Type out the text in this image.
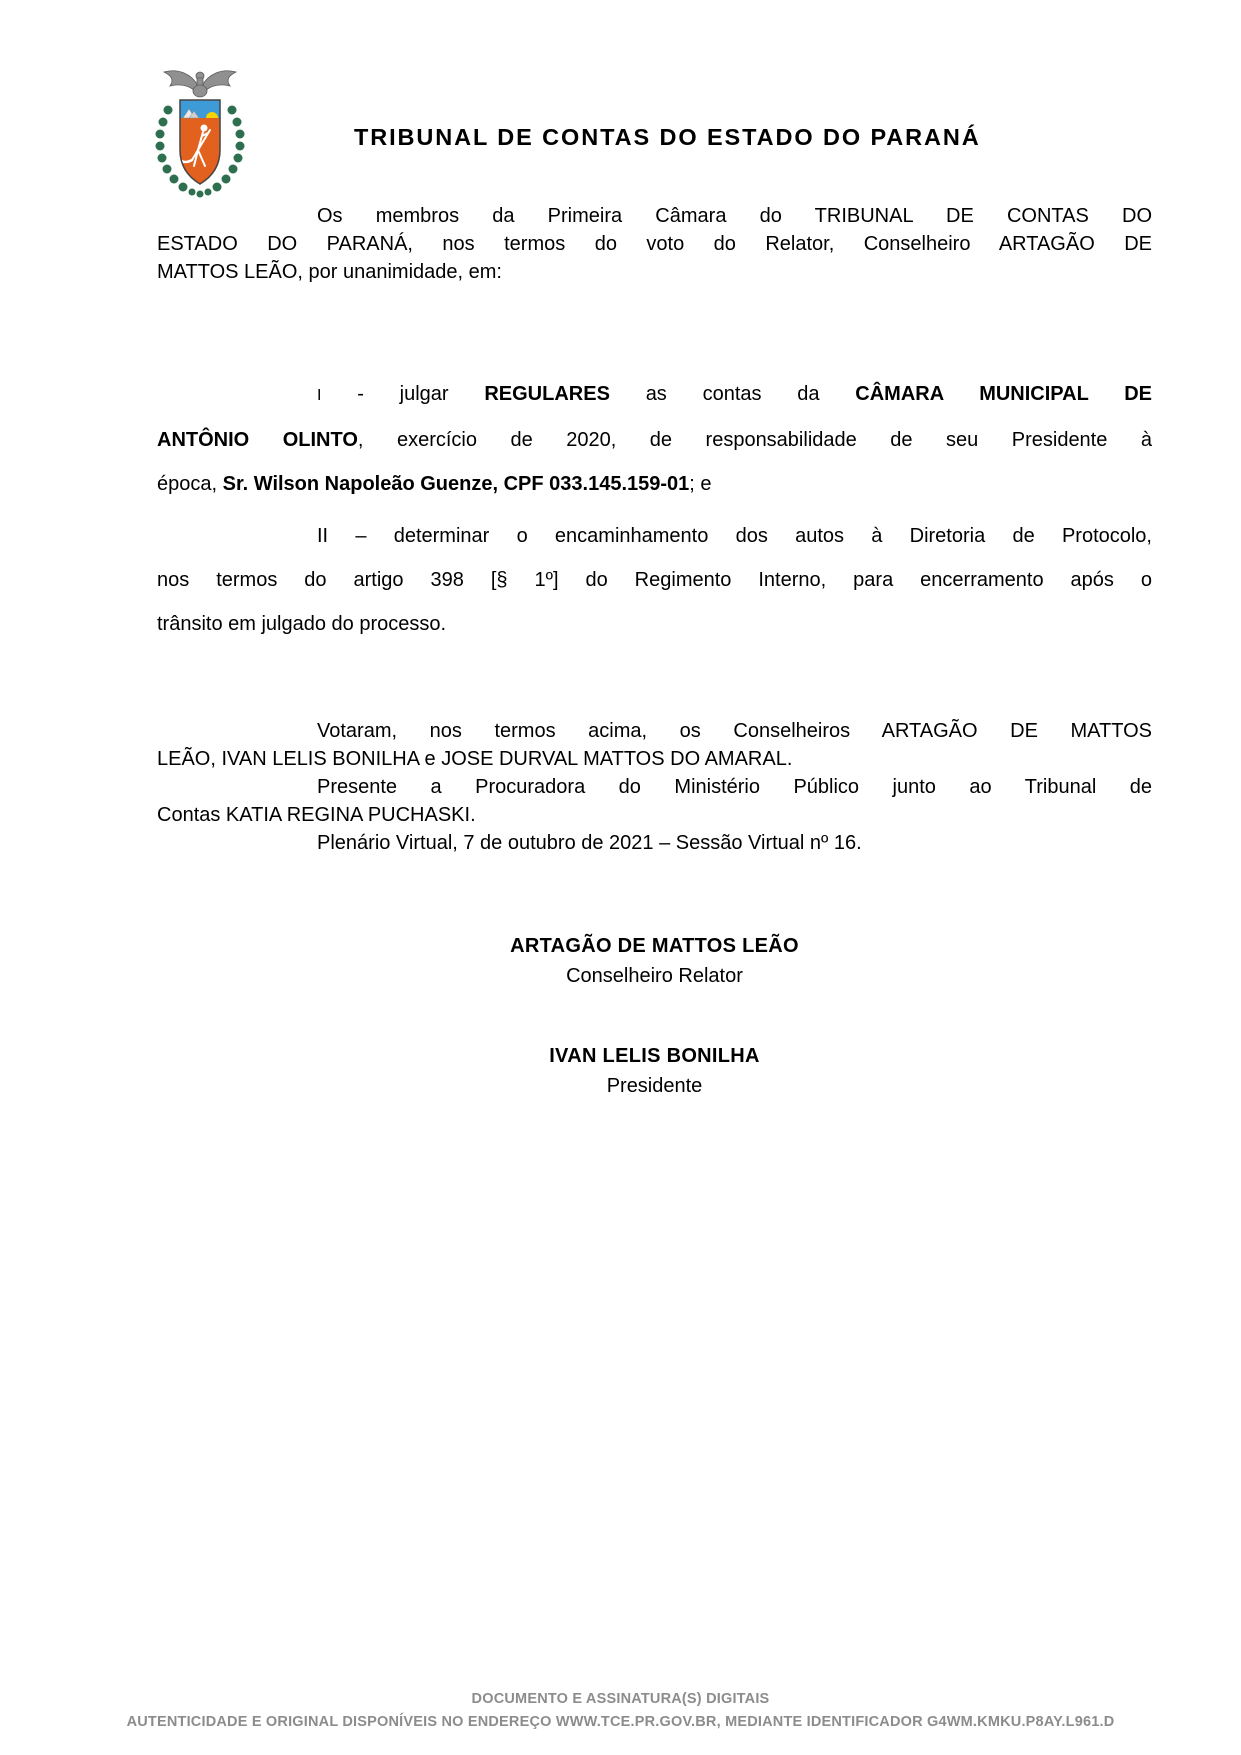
TRIBUNAL DE CONTAS DO ESTADO DO PARANÁ
Os membros da Primeira Câmara do TRIBUNAL DE CONTAS DO
ESTADO DO PARANÁ, nos termos do voto do Relator, Conselheiro ARTAGÃO DE
MATTOS LEÃO, por unanimidade, em:
I - julgar REGULARES as contas da CÂMARA MUNICIPAL DE
ANTÔNIO OLINTO, exercício de 2020, de responsabilidade de seu Presidente à
época, Sr. Wilson Napoleão Guenze, CPF 033.145.159-01; e
II – determinar o encaminhamento dos autos à Diretoria de Protocolo,
nos termos do artigo 398 [§ 1º] do Regimento Interno, para encerramento após o
trânsito em julgado do processo.
Votaram, nos termos acima, os Conselheiros ARTAGÃO DE MATTOS
LEÃO, IVAN LELIS BONILHA e JOSE DURVAL MATTOS DO AMARAL.
Presente a Procuradora do Ministério Público junto ao Tribunal de
Contas KATIA REGINA PUCHASKI.
Plenário Virtual, 7 de outubro de 2021 – Sessão Virtual nº 16.
ARTAGÃO DE MATTOS LEÃO
Conselheiro Relator
IVAN LELIS BONILHA
Presidente
DOCUMENTO E ASSINATURA(S) DIGITAIS
AUTENTICIDADE E ORIGINAL DISPONÍVEIS NO ENDEREÇO WWW.TCE.PR.GOV.BR, MEDIANTE IDENTIFICADOR G4WM.KMKU.P8AY.L961.D
